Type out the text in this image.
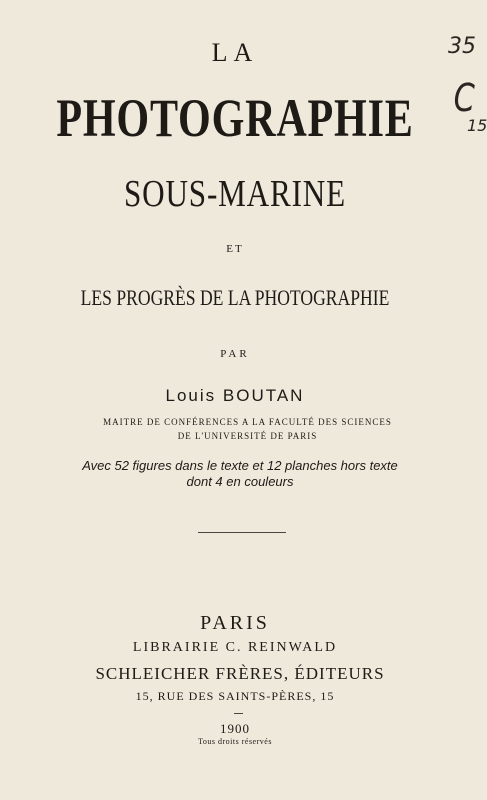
LA
PHOTOGRAPHIE
SOUS-MARINE
ET
LES PROGRÈS DE LA PHOTOGRAPHIE
PAR
Louis BOUTAN
MAITRE DE CONFÉRENCES A LA FACULTÉ DES SCIENCES
DE L'UNIVERSITÉ DE PARIS
Avec 52 figures dans le texte et 12 planches hors texte
dont 4 en couleurs
PARIS
LIBRAIRIE C. REINWALD
SCHLEICHER FRÈRES, ÉDITEURS
15, RUE DES SAINTS-PÈRES, 15
1900
Tous droits réservés
35
C
15
